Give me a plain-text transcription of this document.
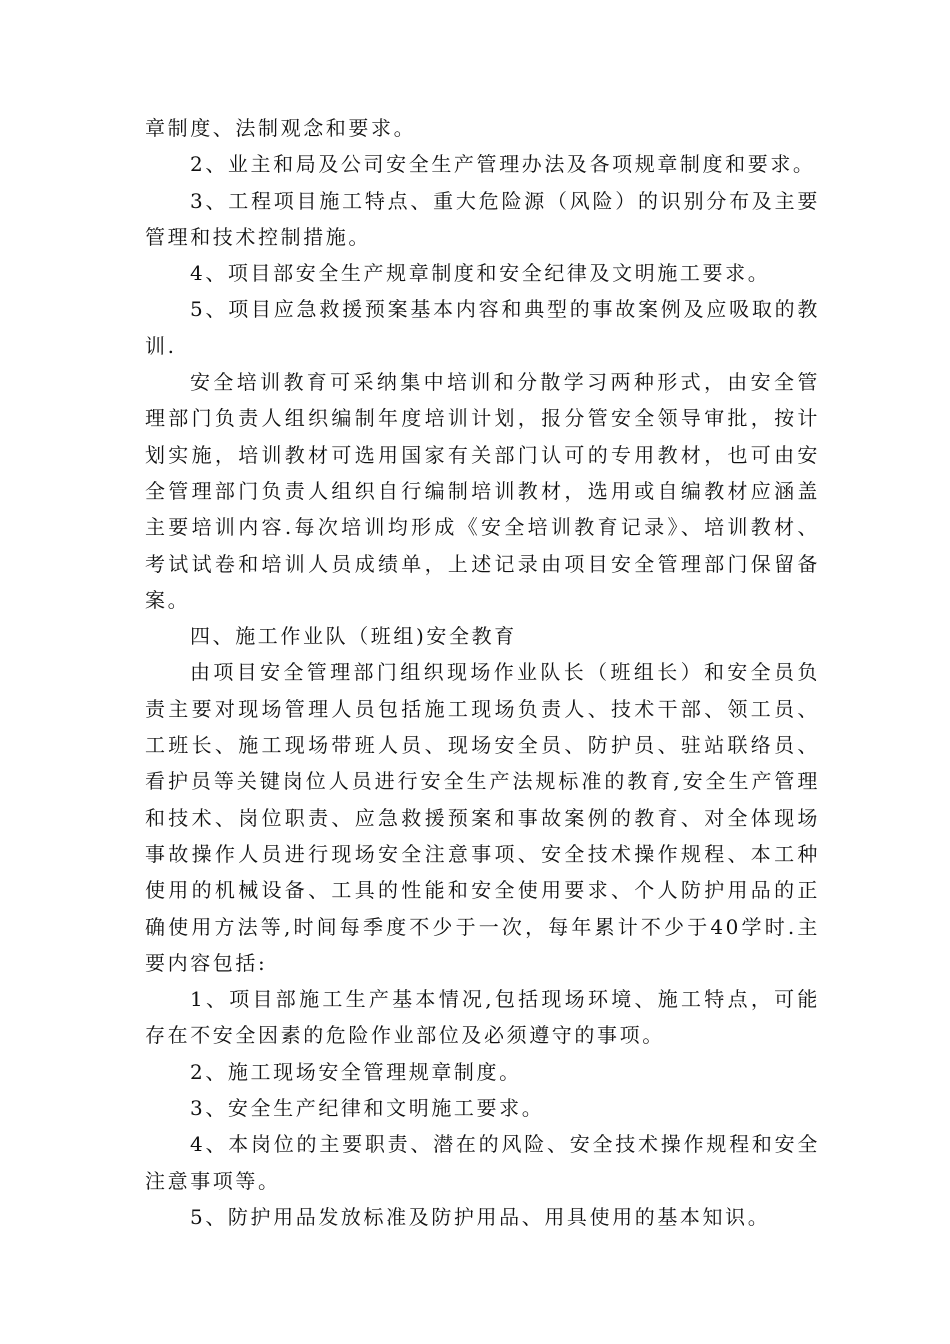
章制度、法制观念和要求。

2、业主和局及公司安全生产管理办法及各项规章制度和要求。

3、工程项目施工特点、重大危险源（风险）的识别分布及主要管理和技术控制措施。

4、项目部安全生产规章制度和安全纪律及文明施工要求。

5、项目应急救援预案基本内容和典型的事故案例及应吸取的教训.

安全培训教育可采纳集中培训和分散学习两种形式，由安全管理部门负责人组织编制年度培训计划，报分管安全领导审批，按计划实施，培训教材可选用国家有关部门认可的专用教材，也可由安全管理部门负责人组织自行编制培训教材，选用或自编教材应涵盖主要培训内容.每次培训均形成《安全培训教育记录》、培训教材、考试试卷和培训人员成绩单，上述记录由项目安全管理部门保留备案。

四、施工作业队（班组)安全教育

由项目安全管理部门组织现场作业队长（班组长）和安全员负责主要对现场管理人员包括施工现场负责人、技术干部、领工员、工班长、施工现场带班人员、现场安全员、防护员、驻站联络员、看护员等关键岗位人员进行安全生产法规标准的教育,安全生产管理和技术、岗位职责、应急救援预案和事故案例的教育、对全体现场事故操作人员进行现场安全注意事项、安全技术操作规程、本工种使用的机械设备、工具的性能和安全使用要求、个人防护用品的正确使用方法等,时间每季度不少于一次，每年累计不少于40学时.主要内容包括:

1、项目部施工生产基本情况,包括现场环境、施工特点，可能存在不安全因素的危险作业部位及必须遵守的事项。

2、施工现场安全管理规章制度。

3、安全生产纪律和文明施工要求。

4、本岗位的主要职责、潜在的风险、安全技术操作规程和安全注意事项等。

5、防护用品发放标准及防护用品、用具使用的基本知识。
